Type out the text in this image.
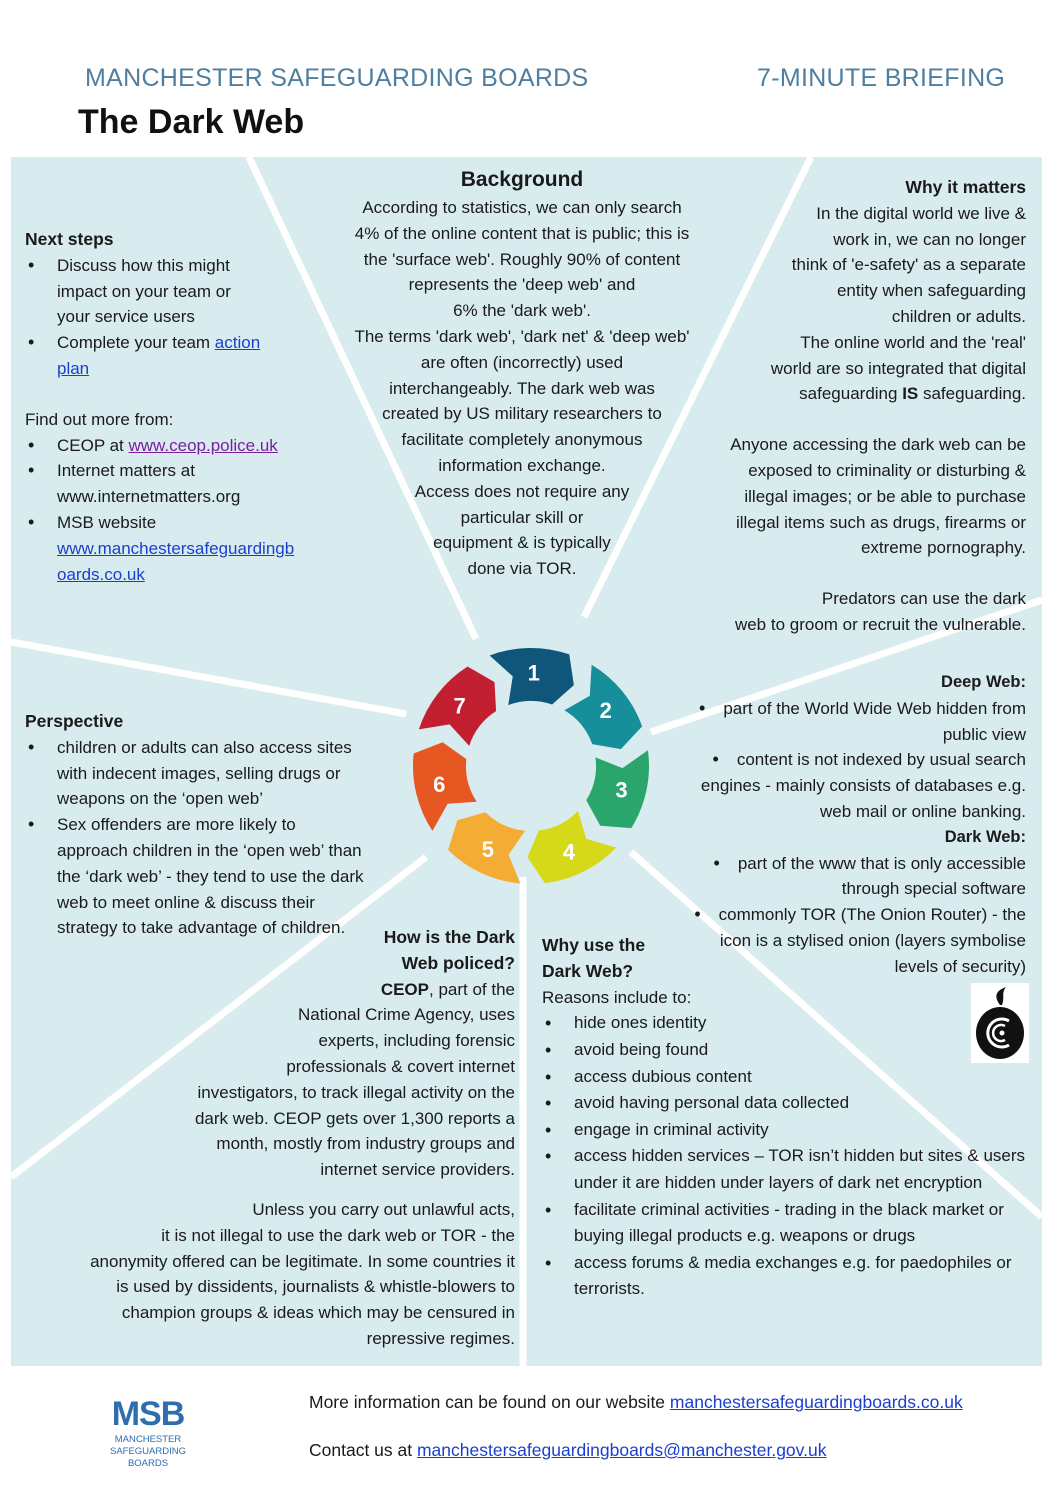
MANCHESTER SAFEGUARDING BOARDS	7-MINUTE BRIEFING
The Dark Web
1
2
3
4
5
6
7
Background
According to statistics, we can only search
4% of the online content that is public; this is
the 'surface web'. Roughly 90% of content
represents the 'deep web' and
6% the 'dark web'.
The terms 'dark web', 'dark net' & 'deep web'
are often (incorrectly) used
interchangeably. The dark web was
created by US military researchers to
facilitate completely anonymous
information exchange.
Access does not require any
particular skill or
equipment & is typically
done via TOR.
Next steps
• Discuss how this might impact on your team or your service users
• Complete your team action plan
Find out more from:
• CEOP at www.ceop.police.uk
• Internet matters at www.internetmatters.org
• MSB website
www.manchestersafeguardingboards.co.uk
Why it matters
In the digital world we live &
work in, we can no longer
think of 'e-safety' as a separate
entity when safeguarding
children or adults.
The online world and the 'real'
world are so integrated that digital
safeguarding IS safeguarding.
Anyone accessing the dark web can be
exposed to criminality or disturbing &
illegal images; or be able to purchase
illegal items such as drugs, firearms or
extreme pornography.
Predators can use the dark
web to groom or recruit the vulnerable.
Deep Web:
• part of the World Wide Web hidden from public view
• content is not indexed by usual search engines - mainly consists of databases e.g. web mail or online banking.
Dark Web:
• part of the www that is only accessible through special software
• commonly TOR (The Onion Router) - the icon is a stylised onion (layers symbolise levels of security)
Perspective
• children or adults can also access sites with indecent images, selling drugs or weapons on the ‘open web’
• Sex offenders are more likely to approach children in the ‘open web’ than the ‘dark web’ - they tend to use the dark web to meet online & discuss their strategy to take advantage of children.	How is the Dark
Web policed?
CEOP, part of the
National Crime Agency, uses
experts, including forensic
professionals & covert internet
investigators, to track illegal activity on the
dark web. CEOP gets over 1,300 reports a
month, mostly from industry groups and
internet service providers.
Unless you carry out unlawful acts,
it is not illegal to use the dark web or TOR - the
anonymity offered can be legitimate. In some countries it
is used by dissidents, journalists & whistle-blowers to
champion groups & ideas which may be censured in
repressive regimes.
Why use the
Dark Web?
Reasons include to:
• hide ones identity
• avoid being found
• access dubious content
• avoid having personal data collected
• engage in criminal activity
• access hidden services – TOR isn’t hidden but sites & users under it are hidden under layers of dark net encryption
• facilitate criminal activities - trading in the black market or buying illegal products e.g. weapons or drugs
• access forums & media exchanges e.g. for paedophiles or terrorists.
MSB
MANCHESTER SAFEGUARDING
BOARDS
More information can be found on our website manchestersafeguardingboards.co.uk
Contact us at manchestersafeguardingboards@manchester.gov.uk
